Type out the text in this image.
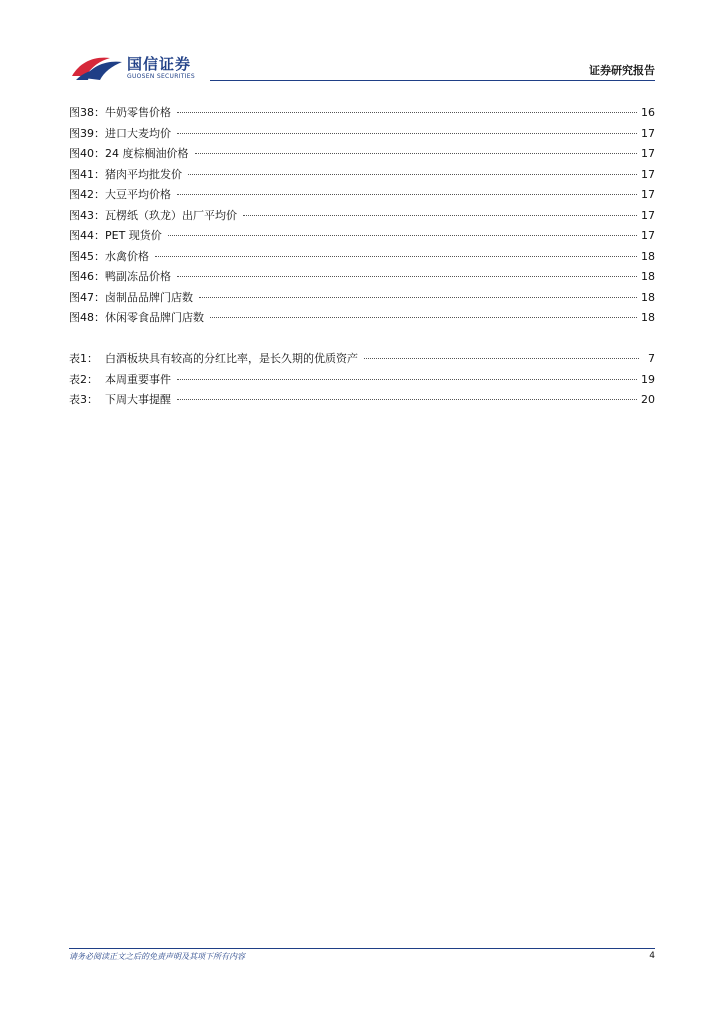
国信证券
GUOSEN SECURITIES	证券研究报告
图38： 牛奶零售价格	16
图39： 进口大麦均价	17
图40： 24 度棕榈油价格	17
图41： 猪肉平均批发价	17
图42： 大豆平均价格	17
图43： 瓦楞纸（玖龙）出厂平均价	17
图44： PET 现货价	17
图45： 水禽价格	18
图46： 鸭副冻品价格	18
图47： 卤制品品牌门店数	18
图48： 休闲零食品牌门店数	18
表1： 白酒板块具有较高的分红比率，是长久期的优质资产	7
表2： 本周重要事件	19
表3： 下周大事提醒	20
请务必阅读正文之后的免责声明及其项下所有内容	4
